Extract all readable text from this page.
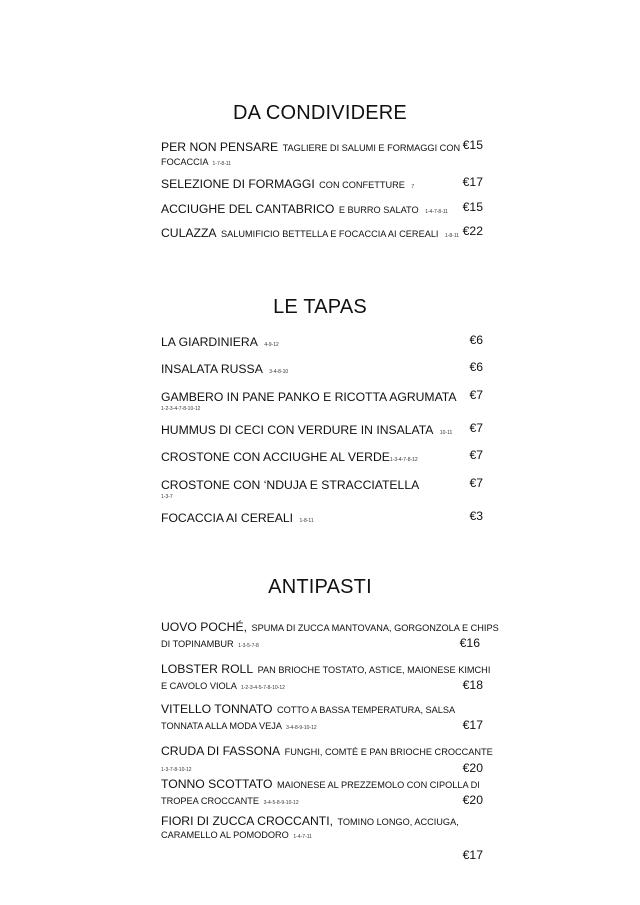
DA CONDIVIDERE
PER NON PENSARE TAGLIERE DI SALUMI E FORMAGGI CON €15
FOCACCIA 1-7-8-11
SELEZIONE DI FORMAGGI CON CONFETTURE 7	€17
ACCIUGHE DEL CANTABRICO E BURRO SALATO 1-4-7-8-11 €15
CULAZZA SALUMIFICIO BETTELLA E FOCACCIA AI CEREALI 1-8-11 €22
LE TAPAS
LA GIARDINIERA 4-9-12	€6
INSALATA RUSSA 3-4-8-10	€6
GAMBERO IN PANE PANKO E RICOTTA AGRUMATA €7
1-2-3-4-7-8-10-12
HUMMUS DI CECI CON VERDURE IN INSALATA 10-11 €7
CROSTONE CON ACCIUGHE AL VERDE1-3-4-7-8-12	€7
CROSTONE CON ‘NDUJA E STRACCIATELLA	€7
1-3-7
FOCACCIA AI CEREALI 1-8-11	€3
ANTIPASTI
UOVO POCHÉ, SPUMA DI ZUCCA MANTOVANA, GORGONZOLA E CHIPS
DI TOPINAMBUR 1-3-5-7-8	€16
LOBSTER ROLL PAN BRIOCHE TOSTATO, ASTICE, MAIONESE KIMCHI
E CAVOLO VIOLA 1-2-3-4-5-7-8-10-12	€18
VITELLO TONNATO COTTO A BASSA TEMPERATURA, SALSA
TONNATA ALLA MODA VEJA 3-4-8-9-10-12	€17
CRUDA DI FASSONA FUNGHI, COMTÉ E PAN BRIOCHE CROCCANTE
1-3-7-8-10-12	€20
TONNO SCOTTATO MAIONESE AL PREZZEMOLO CON CIPOLLA DI
TROPEA CROCCANTE 3-4-5-8-9-10-12	€20
FIORI DI ZUCCA CROCCANTI, TOMINO LONGO, ACCIUGA,
CARAMELLO AL POMODORO 1-4-7-11
€17
